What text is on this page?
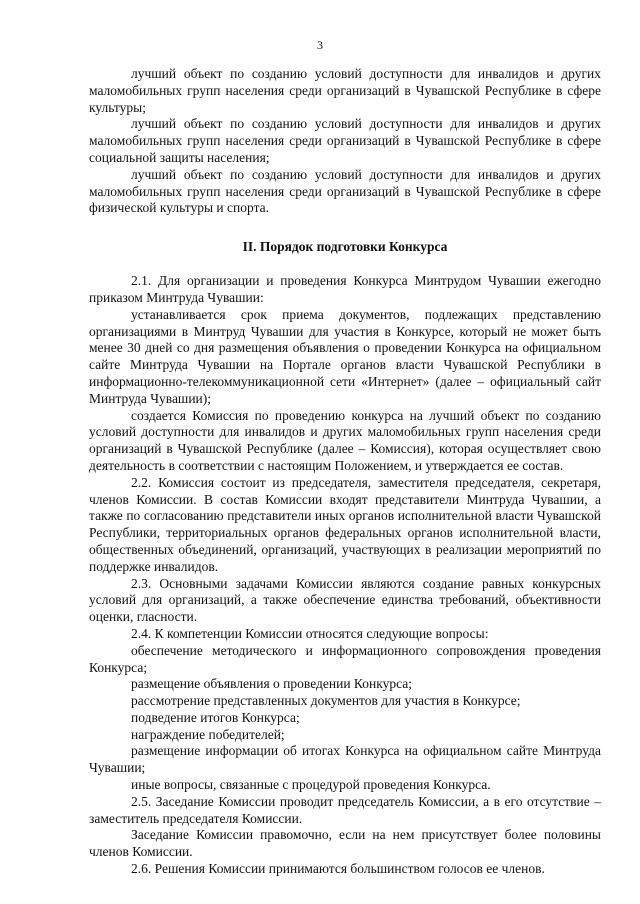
3

лучший объект по созданию условий доступности для инвалидов и других маломобильных групп населения среди организаций в Чувашской Республике в сфере культуры;

лучший объект по созданию условий доступности для инвалидов и других маломобильных групп населения среди организаций в Чувашской Республике в сфере социальной защиты населения;

лучший объект по созданию условий доступности для инвалидов и других маломобильных групп населения среди организаций в Чувашской Республике в сфере физической культуры и спорта.

II. Порядок подготовки Конкурса

2.1. Для организации и проведения Конкурса Минтрудом Чувашии ежегодно приказом Минтруда Чувашии:

устанавливается срок приема документов, подлежащих представлению организациями в Минтруд Чувашии для участия в Конкурсе, который не может быть менее 30 дней со дня размещения объявления о проведении Конкурса на официальном сайте Минтруда Чувашии на Портале органов власти Чувашской Республики в информационно-телекоммуникационной сети «Интернет» (далее – официальный сайт Минтруда Чувашии);

создается Комиссия по проведению конкурса на лучший объект по созданию условий доступности для инвалидов и других маломобильных групп населения среди организаций в Чувашской Республике (далее – Комиссия), которая осуществляет свою деятельность в соответствии с настоящим Положением, и утверждается ее состав.

2.2. Комиссия состоит из председателя, заместителя председателя, секретаря, членов Комиссии. В состав Комиссии входят представители Минтруда Чувашии, а также по согласованию представители иных органов исполнительной власти Чувашской Республики, территориальных органов федеральных органов исполнительной власти, общественных объединений, организаций, участвующих в реализации мероприятий по поддержке инвалидов.

2.3. Основными задачами Комиссии являются создание равных конкурсных условий для организаций, а также обеспечение единства требований, объективности оценки, гласности.

2.4. К компетенции Комиссии относятся следующие вопросы:

обеспечение методического и информационного сопровождения проведения Конкурса;

размещение объявления о проведении Конкурса;

рассмотрение представленных документов для участия в Конкурсе;

подведение итогов Конкурса;

награждение победителей;

размещение информации об итогах Конкурса на официальном сайте Минтруда Чувашии;

иные вопросы, связанные с процедурой проведения Конкурса.

2.5. Заседание Комиссии проводит председатель Комиссии, а в его отсутствие – заместитель председателя Комиссии.

Заседание Комиссии правомочно, если на нем присутствует более половины членов Комиссии.

2.6. Решения Комиссии принимаются большинством голосов ее членов.
